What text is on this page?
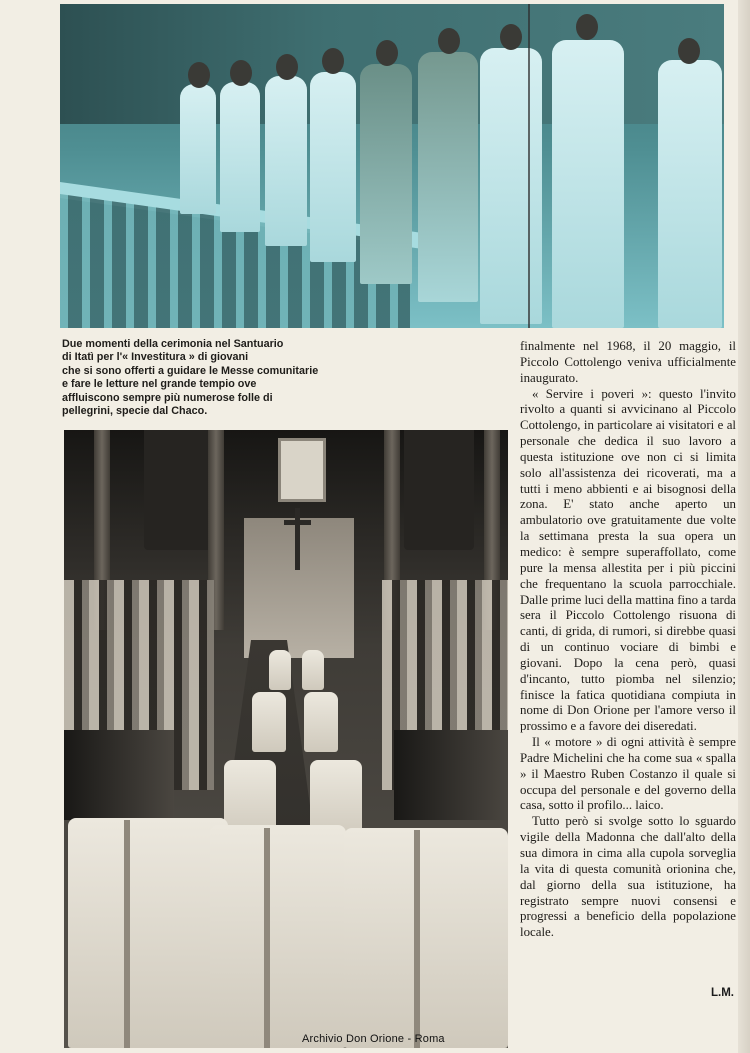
Due momenti della cerimonia nel Santuario
di Itatì per l'« Investitura » di giovani
che si sono offerti a guidare le Messe comunitarie
e fare le letture nel grande tempio ove
affluiscono sempre più numerose folle di
pellegrini, specie dal Chaco.
Archivio Don Orione - Roma

finalmente nel 1968, il 20 maggio, il Piccolo Cottolengo veniva ufficialmente inaugurato.

« Servire i poveri »: questo l'invito rivolto a quanti si avvicinano al Piccolo Cottolengo, in particolare ai visitatori e al personale che dedica il suo lavoro a questa istituzione ove non ci si limita solo all'assistenza dei ricoverati, ma a tutti i meno abbienti e ai bisognosi della zona. E' stato anche aperto un ambulatorio ove gratuitamente due volte la settimana presta la sua opera un medico: è sempre superaffollato, come pure la mensa allestita per i più piccini che frequentano la scuola parrocchiale. Dalle prime luci della mattina fino a tarda sera il Piccolo Cottolengo risuona di canti, di grida, di rumori, si direbbe quasi di un continuo vociare di bimbi e giovani. Dopo la cena però, quasi d'incanto, tutto piomba nel silenzio; finisce la fatica quotidiana compiuta in nome di Don Orione per l'amore verso il prossimo e a favore dei diseredati.

Il « motore » di ogni attività è sempre Padre Michelini che ha come sua « spalla » il Maestro Ruben Costanzo il quale si occupa del personale e del governo della casa, sotto il profilo... laico.

Tutto però si svolge sotto lo sguardo vigile della Madonna che dall'alto della sua dimora in cima alla cupola sorveglia la vita di questa comunità orionina che, dal giorno della sua istituzione, ha registrato sempre nuovi consensi e progressi a beneficio della popolazione locale.

L.M.
